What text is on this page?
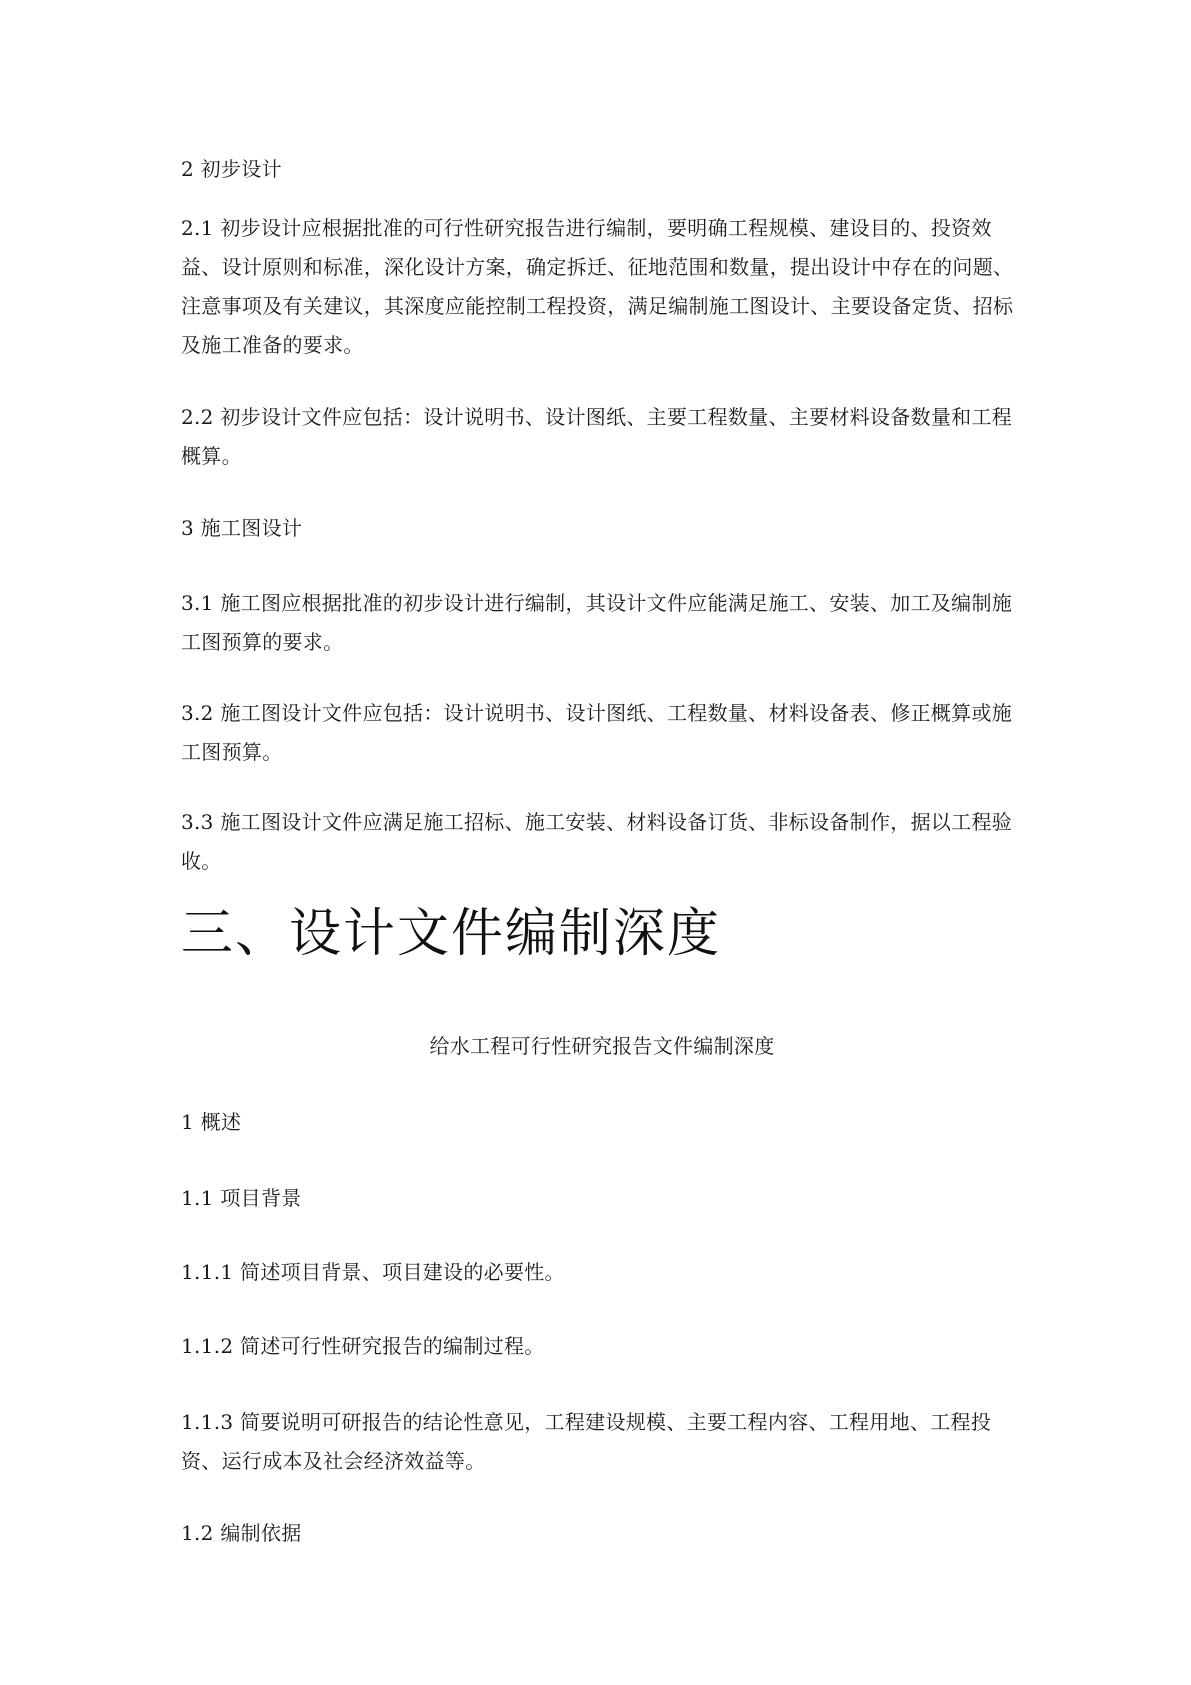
2 初步设计

2.1 初步设计应根据批准的可行性研究报告进行编制，要明确工程规模、建设目的、投资效益、设计原则和标准，深化设计方案，确定拆迁、征地范围和数量，提出设计中存在的问题、注意事项及有关建议，其深度应能控制工程投资，满足编制施工图设计、主要设备定货、招标及施工准备的要求。

2.2 初步设计文件应包括：设计说明书、设计图纸、主要工程数量、主要材料设备数量和工程概算。

3 施工图设计

3.1 施工图应根据批准的初步设计进行编制，其设计文件应能满足施工、安装、加工及编制施工图预算的要求。

3.2 施工图设计文件应包括：设计说明书、设计图纸、工程数量、材料设备表、修正概算或施工图预算。

3.3 施工图设计文件应满足施工招标、施工安装、材料设备订货、非标设备制作，据以工程验收。

三、设计文件编制深度

给水工程可行性研究报告文件编制深度

1 概述

1.1 项目背景

1.1.1 简述项目背景、项目建设的必要性。

1.1.2 简述可行性研究报告的编制过程。

1.1.3 简要说明可研报告的结论性意见，工程建设规模、主要工程内容、工程用地、工程投资、运行成本及社会经济效益等。

1.2 编制依据
